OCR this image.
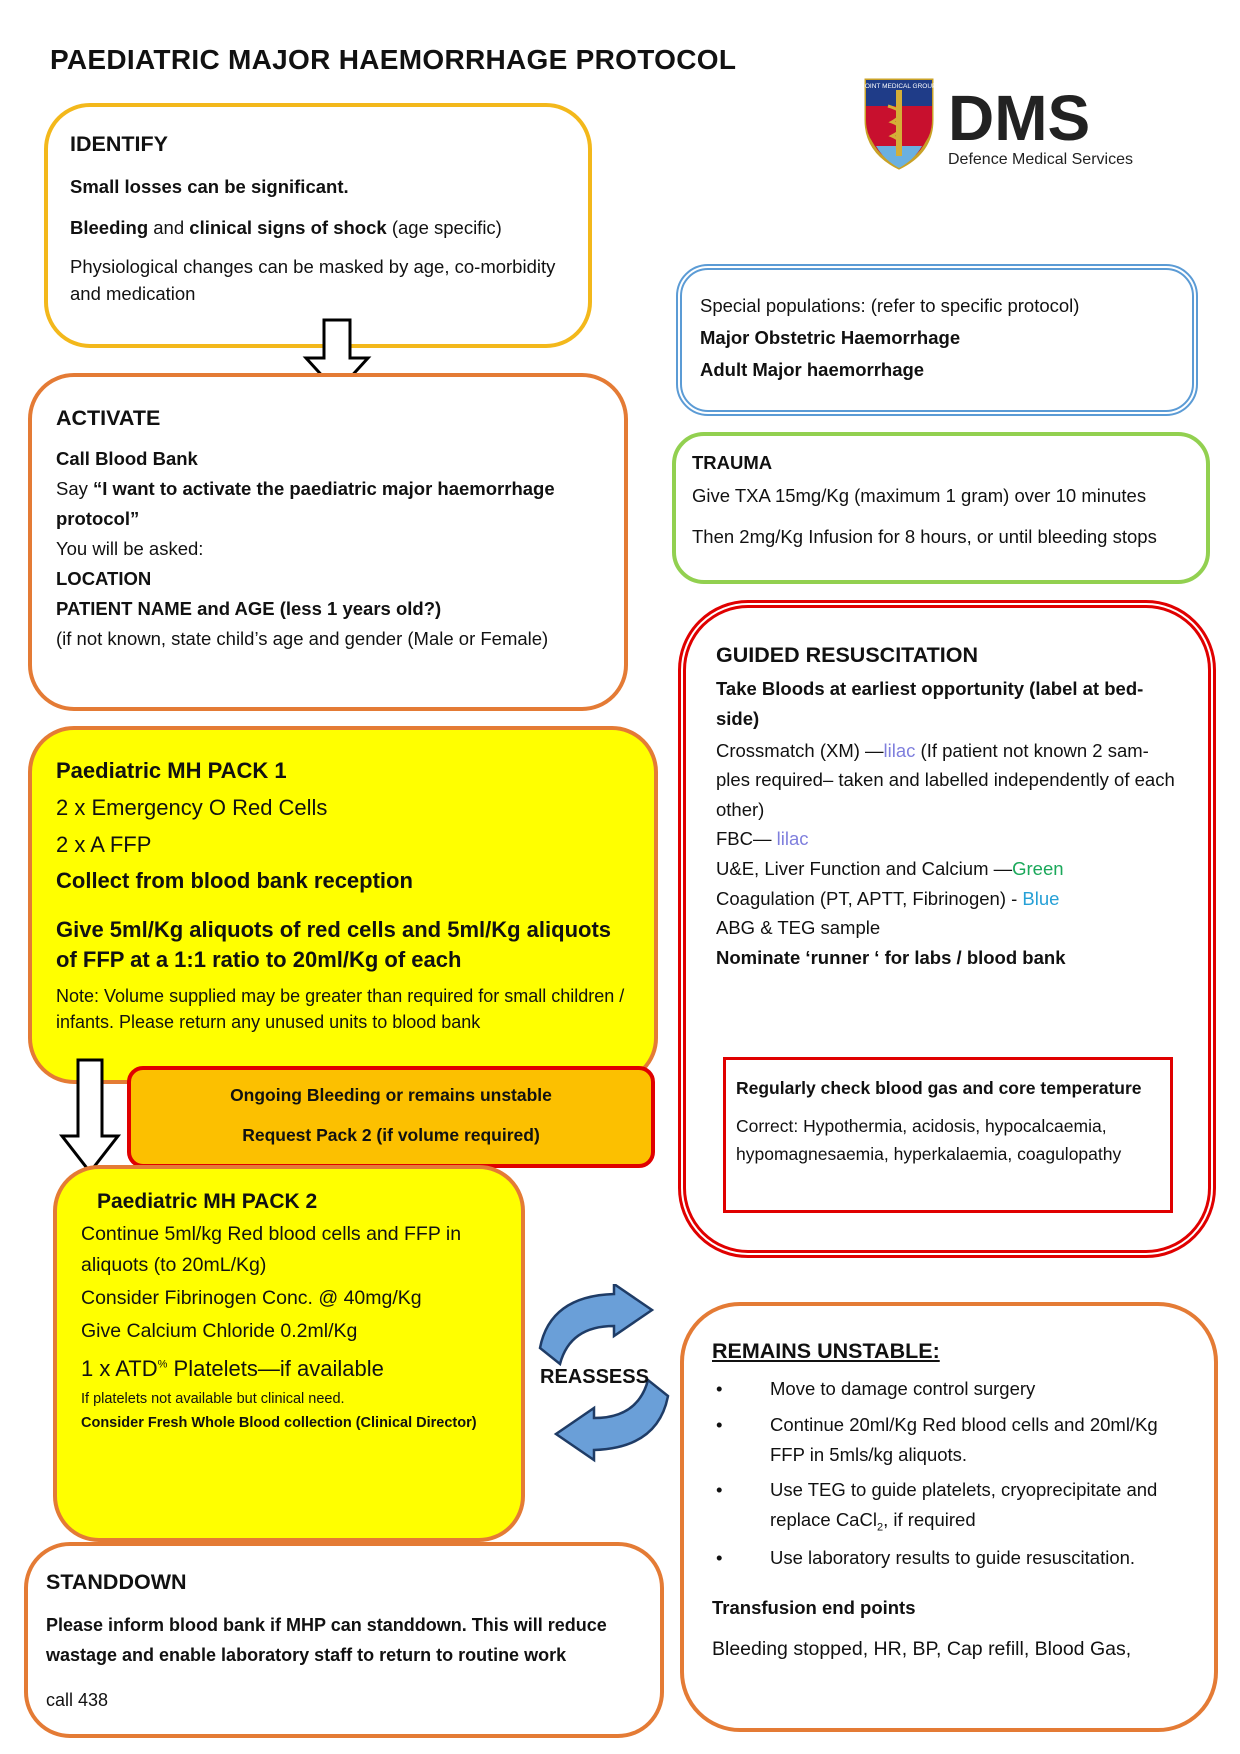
PAEDIATRIC MAJOR HAEMORRHAGE PROTOCOL
JOINT MEDICAL GROUP DMS
Defence Medical Services

IDENTIFY

Small losses can be significant.

Bleeding and clinical signs of shock (age specific)

Physiological changes can be masked by age, co-morbidity and medication

ACTIVATE

Call Blood Bank

Say “I want to activate the paediatric major haemorrhage protocol”

You will be asked:

LOCATION

PATIENT NAME and AGE (less 1 years old?)

(if not known, state child’s age and gender (Male or Female)

Paediatric MH PACK 1

2 x Emergency O Red Cells

2 x A FFP

Collect from blood bank reception

Give 5ml/Kg aliquots of red cells and 5ml/Kg aliquots of FFP at a 1:1 ratio to 20ml/Kg of each

Note: Volume supplied may be greater than required for small children / infants. Please return any unused units to blood bank

Ongoing Bleeding or remains unstable

Request Pack 2 (if volume required)

Paediatric MH PACK 2

Continue 5ml/kg Red blood cells and FFP in aliquots (to 20mL/Kg)

Consider Fibrinogen Conc. @ 40mg/Kg

Give Calcium Chloride 0.2ml/Kg

1 x ATD% Platelets—if available

If platelets not available but clinical need.

Consider Fresh Whole Blood collection (Clinical Director)

STANDDOWN

Please inform blood bank if MHP can standdown. This will reduce wastage and enable laboratory staff to return to routine work

call 438

Special populations: (refer to specific protocol)

Major Obstetric Haemorrhage

Adult Major haemorrhage

TRAUMA

Give TXA 15mg/Kg (maximum 1 gram) over 10 minutes

Then 2mg/Kg Infusion for 8 hours, or until bleeding stops

GUIDED RESUSCITATION

Take Bloods at earliest opportunity (label at bed-side)

Crossmatch (XM) —lilac (If patient not known 2 sam-ples required– taken and labelled independently of each other)

FBC— lilac

U&E, Liver Function and Calcium —Green

Coagulation (PT, APTT, Fibrinogen) - Blue

ABG & TEG sample

Nominate ‘runner ‘ for labs / blood bank

Regularly check blood gas and core temperature

Correct: Hypothermia, acidosis, hypocalcaemia, hypomagnesaemia, hyperkalaemia, coagulopathy

REASSESS

REMAINS UNSTABLE:

• Move to damage control surgery
• Continue 20ml/Kg Red blood cells and 20ml/Kg FFP in 5mls/kg aliquots.
• Use TEG to guide platelets, cryoprecipitate and replace CaCl$_2$, if required
• Use laboratory results to guide resuscitation.

Transfusion end points

Bleeding stopped, HR, BP, Cap refill, Blood Gas,
